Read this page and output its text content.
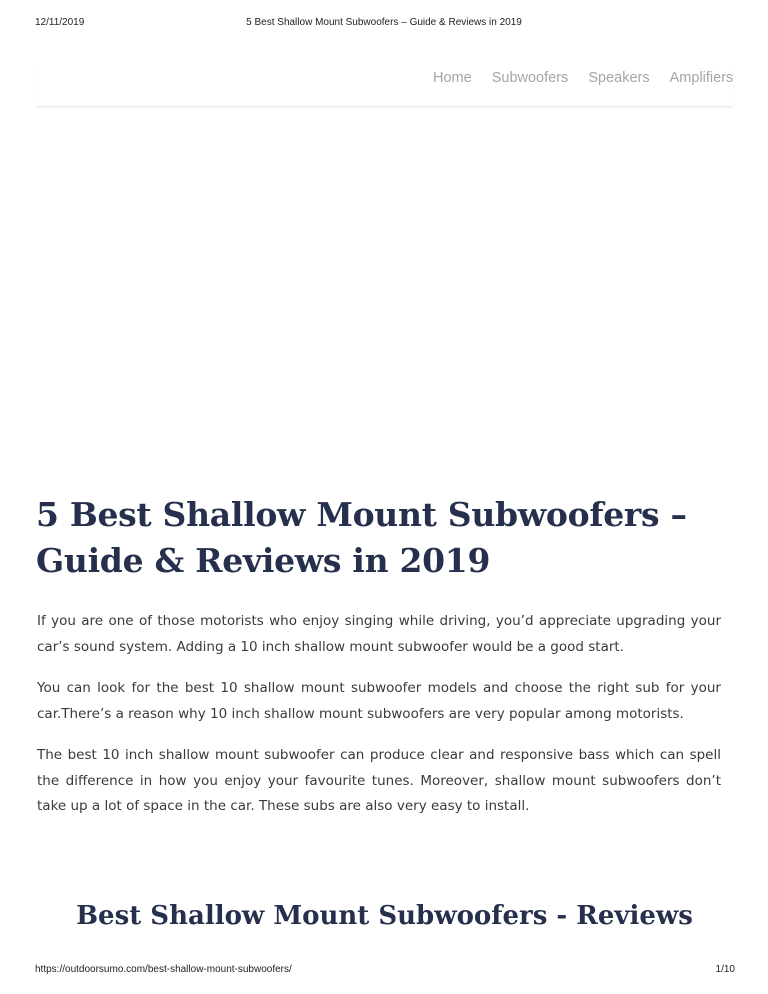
12/11/2019	5 Best Shallow Mount Subwoofers – Guide & Reviews in 2019
Home Subwoofers Speakers Amplifiers
5 Best Shallow Mount Subwoofers – Guide & Reviews in 2019

If you are one of those motorists who enjoy singing while driving, you’d appreciate upgrading your car’s sound system. Adding a 10 inch shallow mount subwoofer would be a good start.

You can look for the best 10 shallow mount subwoofer models and choose the right sub for your car.There’s a reason why 10 inch shallow mount subwoofers are very popular among motorists.

The best 10 inch shallow mount subwoofer can produce clear and responsive bass which can spell the difference in how you enjoy your favourite tunes. Moreover, shallow mount subwoofers don’t take up a lot of space in the car. These subs are also very easy to install.

Best Shallow Mount Subwoofers - Reviews
https://outdoorsumo.com/best-shallow-mount-subwoofers/	1/10
